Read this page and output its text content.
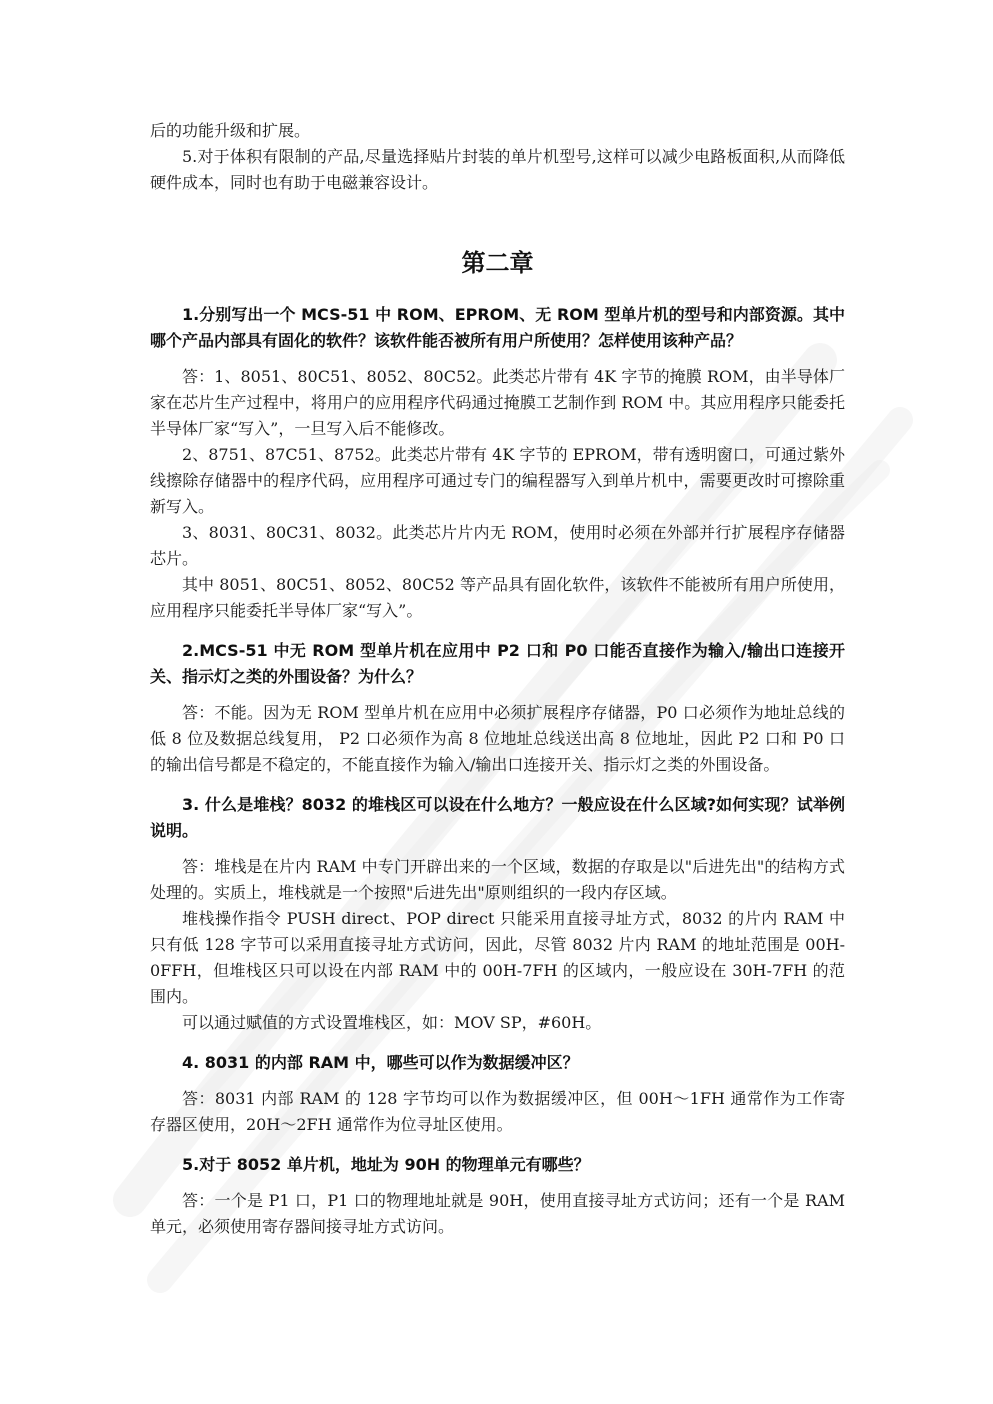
后的功能升级和扩展。

5.对于体积有限制的产品,尽量选择贴片封装的单片机型号,这样可以减少电路板面积,从而降低硬件成本，同时也有助于电磁兼容设计。

第二章

1.分别写出一个 MCS-51 中 ROM、EPROM、无 ROM 型单片机的型号和内部资源。其中哪个产品内部具有固化的软件？该软件能否被所有用户所使用？怎样使用该种产品？

答：1、8051、80C51、8052、80C52。此类芯片带有 4K 字节的掩膜 ROM，由半导体厂家在芯片生产过程中，将用户的应用程序代码通过掩膜工艺制作到 ROM 中。其应用程序只能委托半导体厂家“写入”，一旦写入后不能修改。

2、8751、87C51、8752。此类芯片带有 4K 字节的 EPROM，带有透明窗口，可通过紫外线擦除存储器中的程序代码，应用程序可通过专门的编程器写入到单片机中，需要更改时可擦除重新写入。

3、8031、80C31、8032。此类芯片片内无 ROM，使用时必须在外部并行扩展程序存储器芯片。

其中 8051、80C51、8052、80C52 等产品具有固化软件，该软件不能被所有用户所使用，应用程序只能委托半导体厂家“写入”。

2.MCS-51 中无 ROM 型单片机在应用中 P2 口和 P0 口能否直接作为输入/输出口连接开关、指示灯之类的外围设备？为什么？

答：不能。因为无 ROM 型单片机在应用中必须扩展程序存储器，P0 口必须作为地址总线的低 8 位及数据总线复用， P2 口必须作为高 8 位地址总线送出高 8 位地址，因此 P2 口和 P0 口的输出信号都是不稳定的，不能直接作为输入/输出口连接开关、指示灯之类的外围设备。

3. 什么是堆栈？8032 的堆栈区可以设在什么地方？一般应设在什么区域?如何实现？试举例说明。

答：堆栈是在片内 RAM 中专门开辟出来的一个区域，数据的存取是以"后进先出"的结构方式处理的。实质上，堆栈就是一个按照"后进先出"原则组织的一段内存区域。

堆栈操作指令 PUSH direct、POP direct 只能采用直接寻址方式，8032 的片内 RAM 中只有低 128 字节可以采用直接寻址方式访问，因此，尽管 8032 片内 RAM 的地址范围是 00H-0FFH，但堆栈区只可以设在内部 RAM 中的 00H-7FH 的区域内，一般应设在 30H-7FH 的范围内。

可以通过赋值的方式设置堆栈区，如：MOV SP，#60H。

4. 8031 的内部 RAM 中，哪些可以作为数据缓冲区？

答：8031 内部 RAM 的 128 字节均可以作为数据缓冲区，但 00H～1FH 通常作为工作寄存器区使用，20H～2FH 通常作为位寻址区使用。

5.对于 8052 单片机，地址为 90H 的物理单元有哪些？

答：一个是 P1 口，P1 口的物理地址就是 90H，使用直接寻址方式访问；还有一个是 RAM 单元，必须使用寄存器间接寻址方式访问。
